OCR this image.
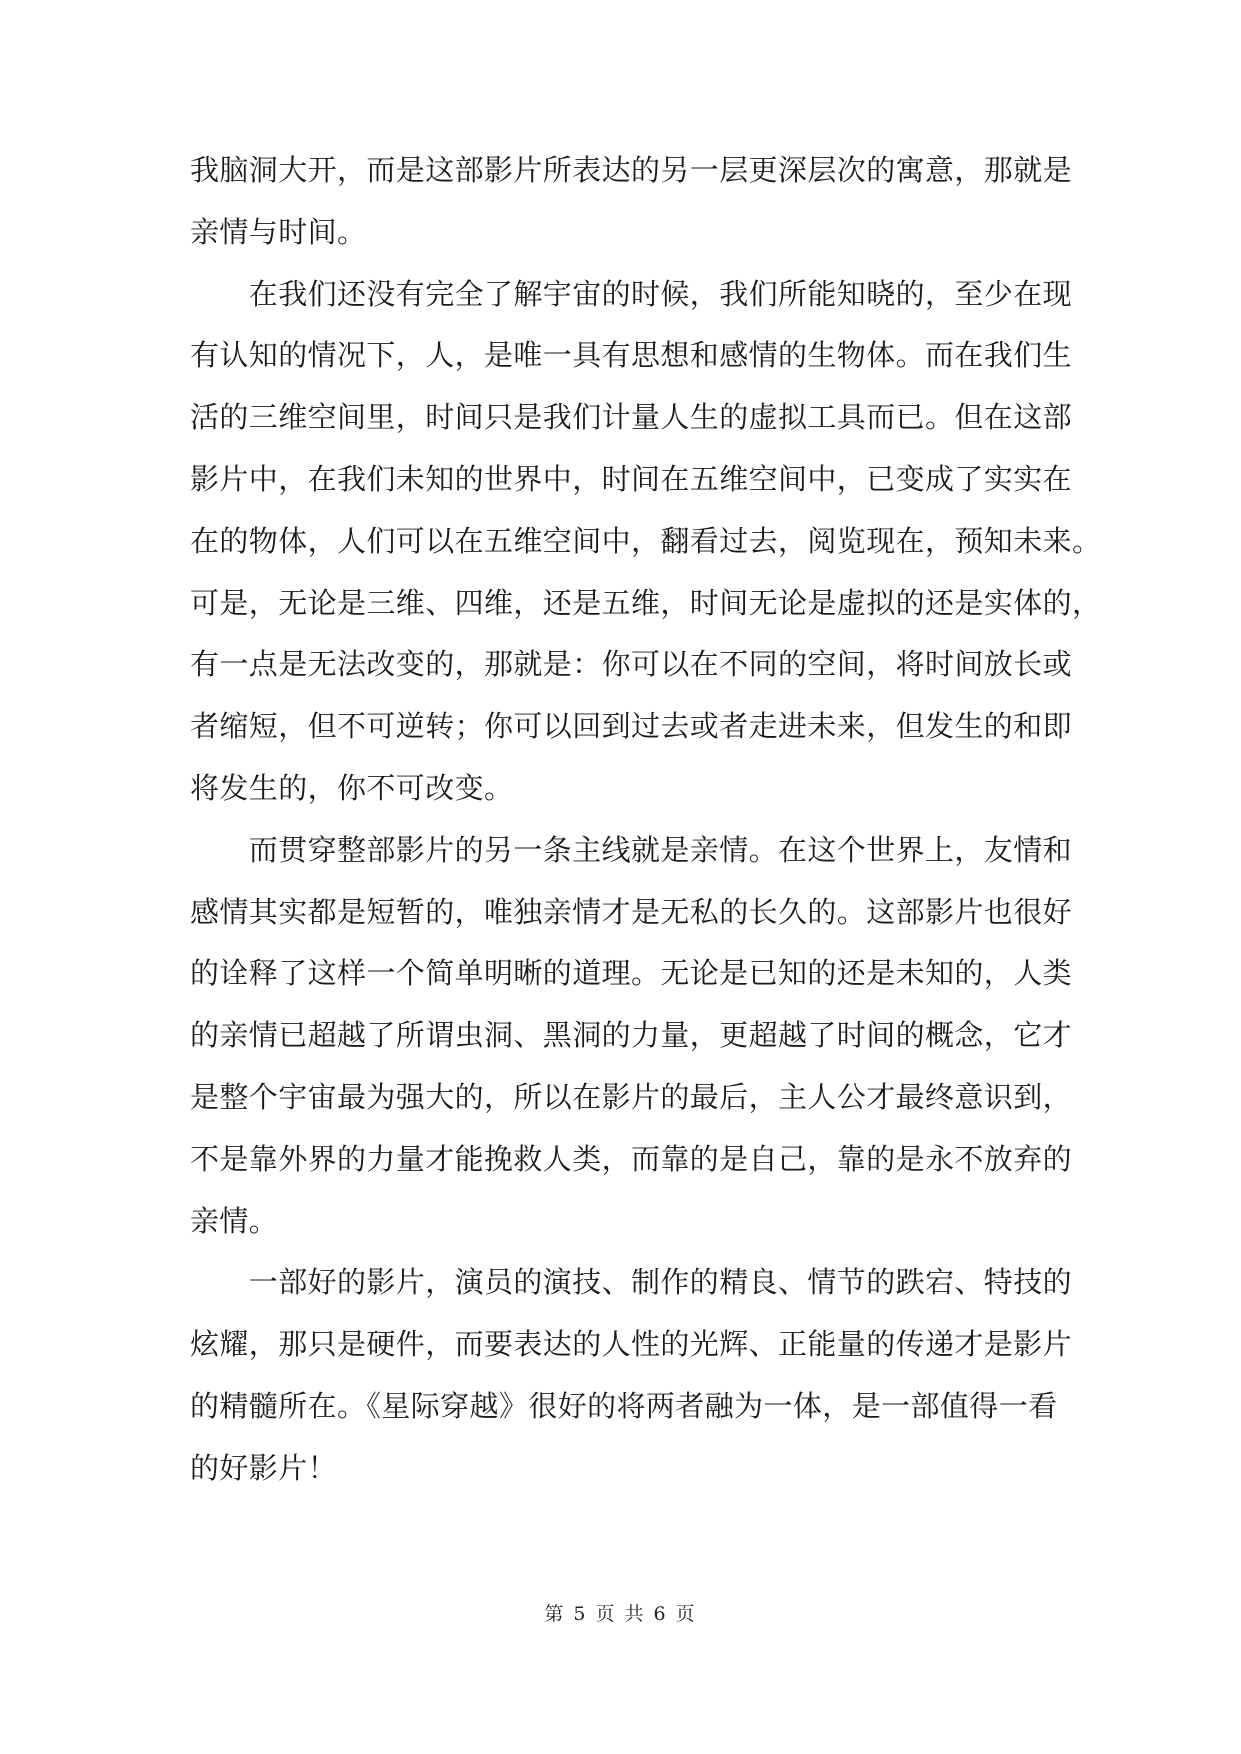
我脑洞大开，而是这部影片所表达的另一层更深层次的寓意，那就是
亲情与时间。
　　在我们还没有完全了解宇宙的时候，我们所能知晓的，至少在现
有认知的情况下，人，是唯一具有思想和感情的生物体。而在我们生
活的三维空间里，时间只是我们计量人生的虚拟工具而已。但在这部
影片中，在我们未知的世界中，时间在五维空间中，已变成了实实在
在的物体，人们可以在五维空间中，翻看过去，阅览现在，预知未来。
可是，无论是三维、四维，还是五维，时间无论是虚拟的还是实体的，
有一点是无法改变的，那就是：你可以在不同的空间，将时间放长或
者缩短，但不可逆转；你可以回到过去或者走进未来，但发生的和即
将发生的，你不可改变。
　　而贯穿整部影片的另一条主线就是亲情。在这个世界上，友情和
感情其实都是短暂的，唯独亲情才是无私的长久的。这部影片也很好
的诠释了这样一个简单明晰的道理。无论是已知的还是未知的，人类
的亲情已超越了所谓虫洞、黑洞的力量，更超越了时间的概念，它才
是整个宇宙最为强大的，所以在影片的最后，主人公才最终意识到，
不是靠外界的力量才能挽救人类，而靠的是自己，靠的是永不放弃的
亲情。
　　一部好的影片，演员的演技、制作的精良、情节的跌宕、特技的
炫耀，那只是硬件，而要表达的人性的光辉、正能量的传递才是影片
的精髓所在。《星际穿越》很好的将两者融为一体，是一部值得一看
的好影片！
第 5 页 共 6 页
